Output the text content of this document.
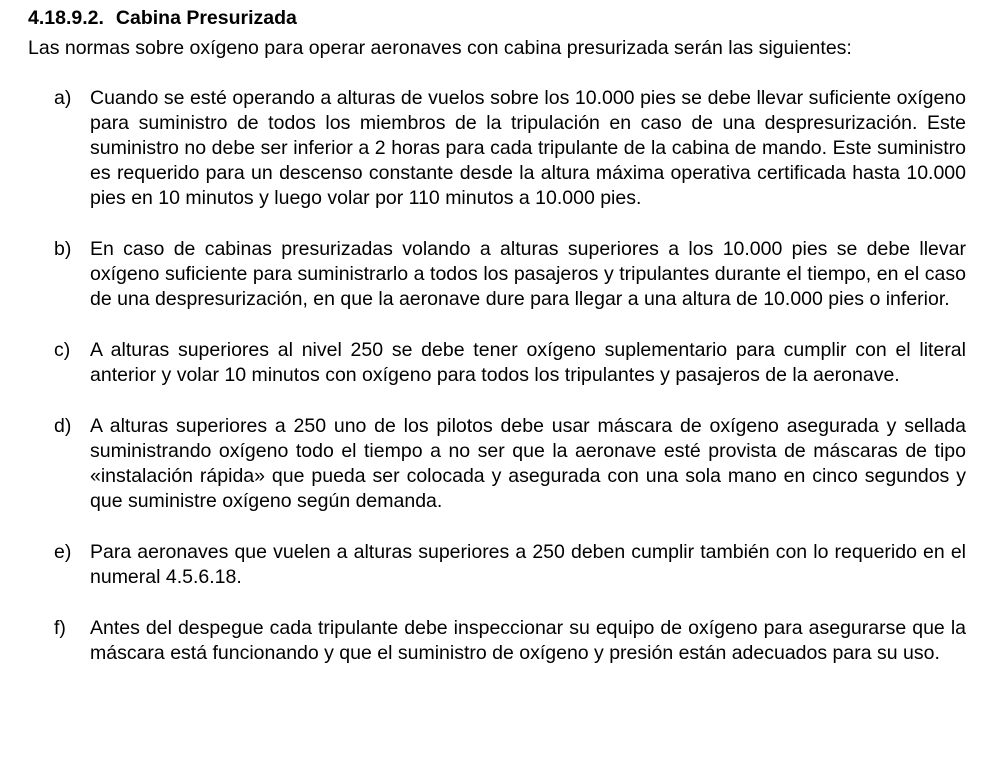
4.18.9.2. Cabina Presurizada
Las normas sobre oxígeno para operar aeronaves con cabina presurizada serán las siguientes:
a) Cuando se esté operando a alturas de vuelos sobre los 10.000 pies se debe llevar suficiente oxígeno para suministro de todos los miembros de la tripulación en caso de una despresurización. Este suministro no debe ser inferior a 2 horas para cada tripulante de la cabina de mando. Este suministro es requerido para un descenso constante desde la altura máxima operativa certificada hasta 10.000 pies en 10 minutos y luego volar por 110 minutos a 10.000 pies.
b) En caso de cabinas presurizadas volando a alturas superiores a los 10.000 pies se debe llevar oxígeno suficiente para suministrarlo a todos los pasajeros y tripulantes durante el tiempo, en el caso de una despresurización, en que la aeronave dure para llegar a una altura de 10.000 pies o inferior.
c)	A alturas superiores al nivel 250 se debe tener oxígeno suplementario para cumplir con el literal anterior y volar 10 minutos con oxígeno para todos los tripulantes y pasajeros de la aeronave.
d) A alturas superiores a 250 uno de los pilotos debe usar máscara de oxígeno asegurada y sellada suministrando oxígeno todo el tiempo a no ser que la aeronave esté provista de máscaras de tipo «instalación rápida» que pueda ser colocada y asegurada con una sola mano en cinco segundos y que suministre oxígeno según demanda.
e) Para aeronaves que vuelen a alturas superiores a 250 deben cumplir también con lo requerido en el numeral 4.5.6.18.
f)	Antes del despegue cada tripulante debe inspeccionar su equipo de oxígeno para asegurarse que la máscara está funcionando y que el suministro de oxígeno y presión están adecuados para su uso.
